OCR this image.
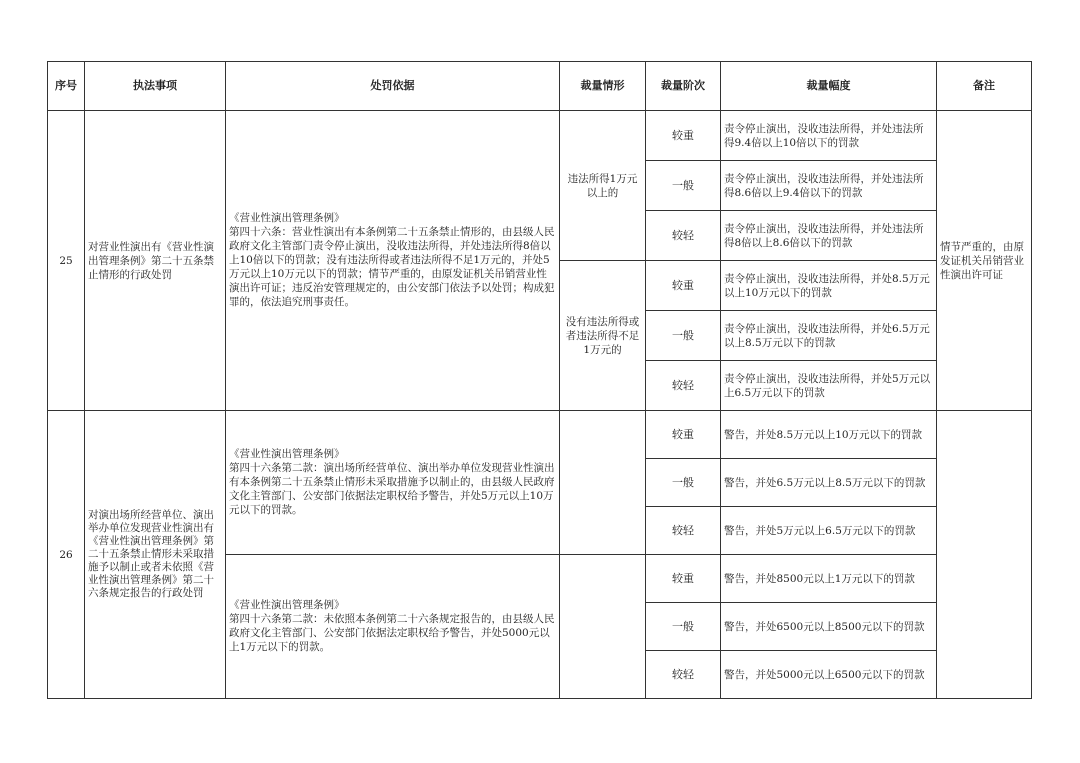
序号	执法事项	处罚依据	裁量情形	裁量阶次	裁量幅度	备注
25	对营业性演出有《营业性演出管理条例》第二十五条禁止情形的行政处罚	《营业性演出管理条例》
第四十六条：营业性演出有本条例第二十五条禁止情形的，由县级人民政府文化主管部门责令停止演出，没收违法所得，并处违法所得8倍以上10倍以下的罚款；没有违法所得或者违法所得不足1万元的，并处5万元以上10万元以下的罚款；情节严重的，由原发证机关吊销营业性演出许可证；违反治安管理规定的，由公安部门依法予以处罚；构成犯罪的，依法追究刑事责任。	违法所得1万元以上的	较重	责令停止演出，没收违法所得，并处违法所得9.4倍以上10倍以下的罚款	情节严重的，由原发证机关吊销营业性演出许可证
				一般	责令停止演出，没收违法所得，并处违法所得8.6倍以上9.4倍以下的罚款	
				较轻	责令停止演出，没收违法所得，并处违法所得8倍以上8.6倍以下的罚款	
			没有违法所得或者违法所得不足1万元的	较重	责令停止演出，没收违法所得，并处8.5万元以上10万元以下的罚款	
				一般	责令停止演出，没收违法所得，并处6.5万元以上8.5万元以下的罚款	
				较轻	责令停止演出，没收违法所得，并处5万元以上6.5万元以下的罚款	
26	对演出场所经营单位、演出举办单位发现营业性演出有《营业性演出管理条例》第二十五条禁止情形未采取措施予以制止或者未依照《营业性演出管理条例》第二十六条规定报告的行政处罚	《营业性演出管理条例》
第四十六条第二款：演出场所经营单位、演出举办单位发现营业性演出有本条例第二十五条禁止情形未采取措施予以制止的，由县级人民政府文化主管部门、公安部门依据法定职权给予警告，并处5万元以上10万元以下的罚款。		较重	警告，并处8.5万元以上10万元以下的罚款	
				一般	警告，并处6.5万元以上8.5万元以下的罚款	
				较轻	警告，并处5万元以上6.5万元以下的罚款	
		《营业性演出管理条例》
第四十六条第二款：未依照本条例第二十六条规定报告的，由县级人民政府文化主管部门、公安部门依据法定职权给予警告，并处5000元以上1万元以下的罚款。		较重	警告，并处8500元以上1万元以下的罚款	
				一般	警告，并处6500元以上8500元以下的罚款	
				较轻	警告，并处5000元以上6500元以下的罚款	
